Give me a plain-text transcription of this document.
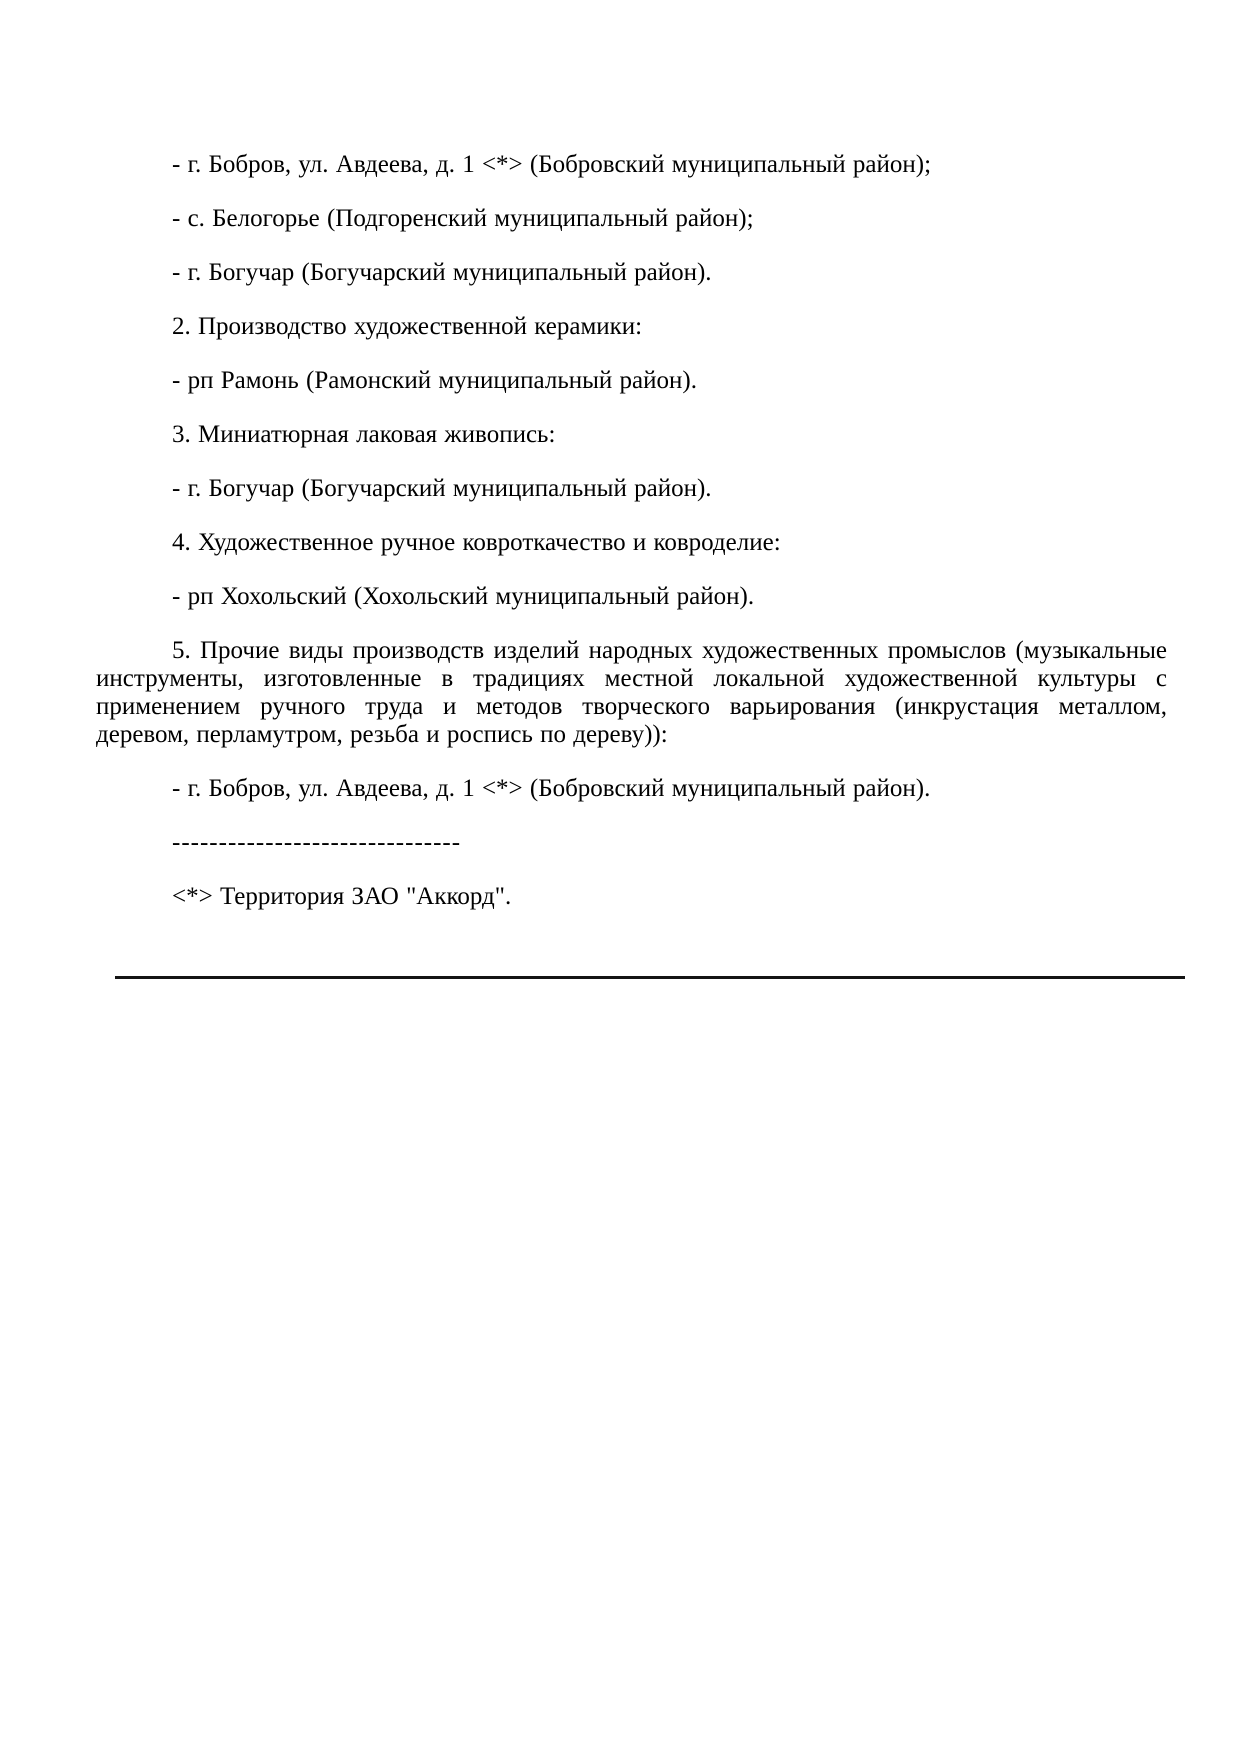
- г. Бобров, ул. Авдеева, д. 1 <*> (Бобровский муниципальный район);

- с. Белогорье (Подгоренский муниципальный район);

- г. Богучар (Богучарский муниципальный район).

2. Производство художественной керамики:

- рп Рамонь (Рамонский муниципальный район).

3. Миниатюрная лаковая живопись:

- г. Богучар (Богучарский муниципальный район).

4. Художественное ручное ковроткачество и ковроделие:

- рп Хохольский (Хохольский муниципальный район).

5. Прочие виды производств изделий народных художественных промыслов (музыкальные инструменты, изготовленные в традициях местной локальной художественной культуры с применением ручного труда и методов творческого варьирования (инкрустация металлом, деревом, перламутром, резьба и роспись по дереву)):

- г. Бобров, ул. Авдеева, д. 1 <*> (Бобровский муниципальный район).

-------------------------------

<*> Территория ЗАО "Аккорд".
